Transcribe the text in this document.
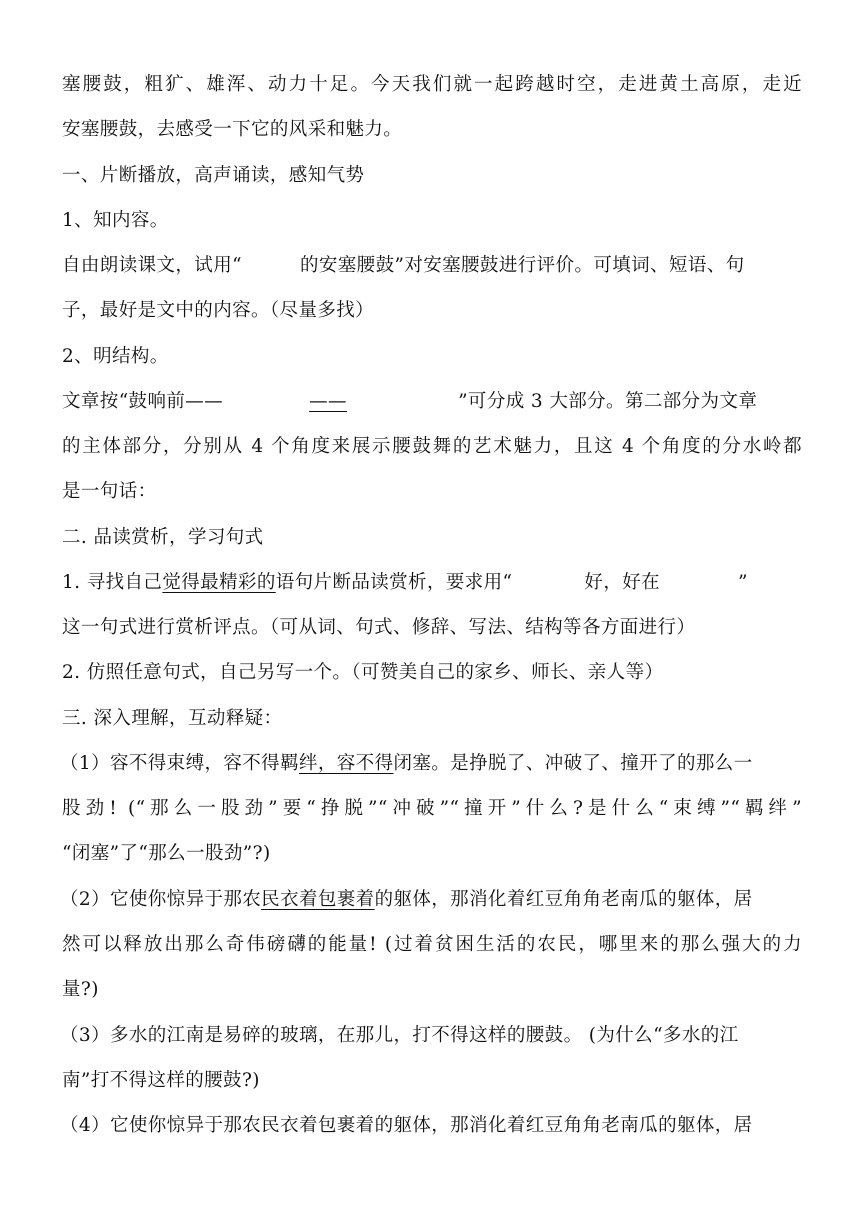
塞腰鼓，粗犷、雄浑、动力十足。今天我们就一起跨越时空，走进黄土高原，走近
安塞腰鼓，去感受一下它的风采和魅力。
一、片断播放，高声诵读，感知气势
1、知内容。
自由朗读课文，试用“	的安塞腰鼓”对安塞腰鼓进行评价。可填词、短语、句
子，最好是文中的内容。（尽量多找）
2、明结构。
文章按“鼓响前——	——	”可分成 3 大部分。第二部分为文章
的主体部分，分别从 4 个角度来展示腰鼓舞的艺术魅力，且这 4 个角度的分水岭都
是一句话：
二. 品读赏析，学习句式
1. 寻找自己觉得最精彩的语句片断品读赏析，要求用“	好，好在	”
这一句式进行赏析评点。（可从词、句式、修辞、写法、结构等各方面进行）
2. 仿照任意句式，自己另写一个。（可赞美自己的家乡、师长、亲人等）
三. 深入理解，互动释疑：
（1）容不得束缚，容不得羁绊，容不得闭塞。是挣脱了、冲破了、撞开了的那么一
股劲! (“那么一股劲”要“挣脱”“冲破”“撞开”什么?是什么“束缚”“羁绊”
“闭塞”了“那么一股劲”?)
（2）它使你惊异于那农民衣着包裹着的躯体，那消化着红豆角角老南瓜的躯体，居
然可以释放出那么奇伟磅礴的能量! (过着贫困生活的农民，哪里来的那么强大的力
量?)
（3）多水的江南是易碎的玻璃，在那儿，打不得这样的腰鼓。 (为什么“多水的江
南”打不得这样的腰鼓?)
（4）它使你惊异于那农民衣着包裹着的躯体，那消化着红豆角角老南瓜的躯体，居
